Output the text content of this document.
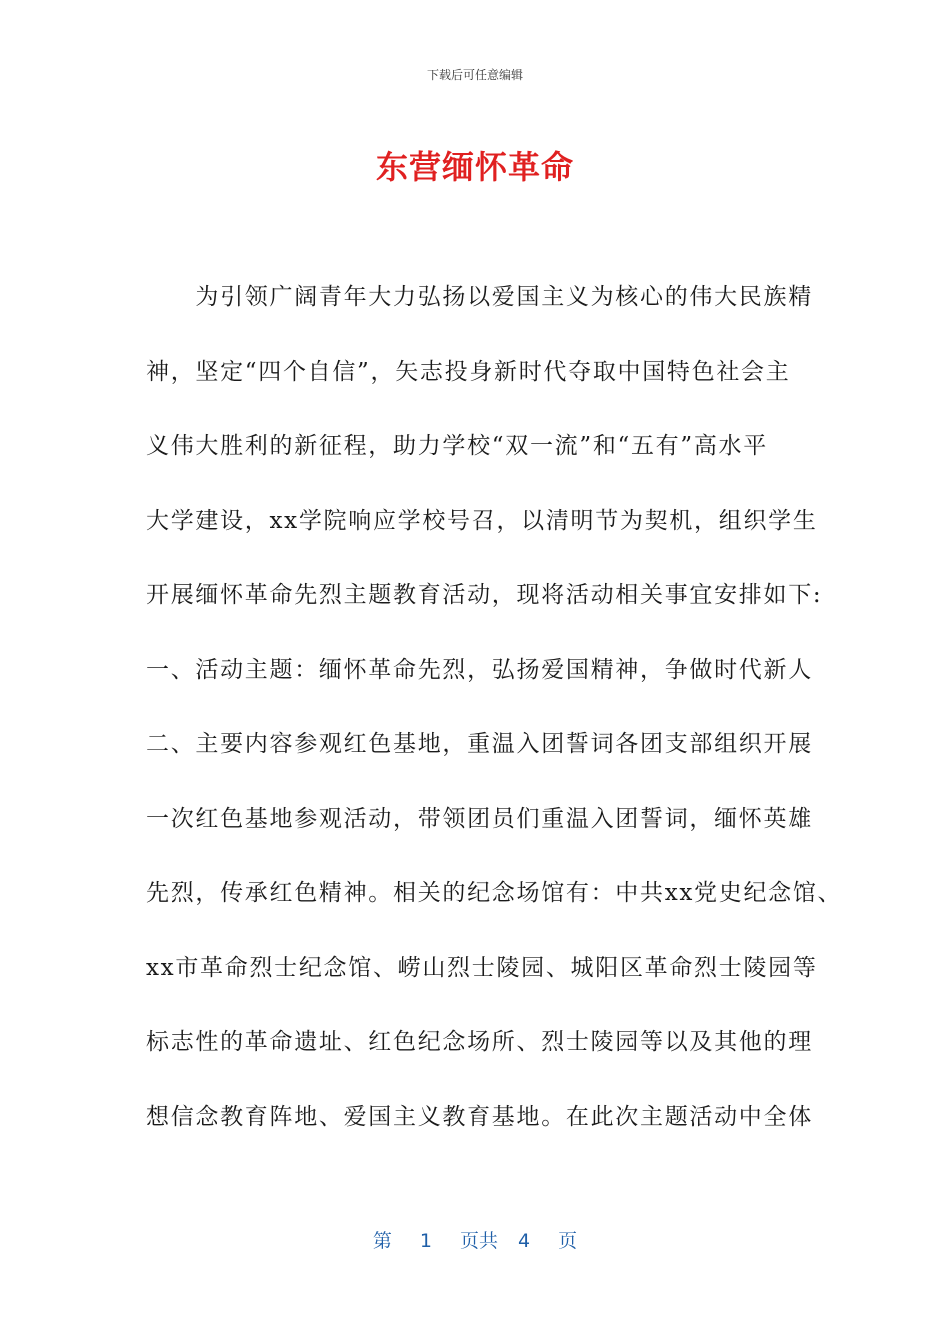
下载后可任意编辑
东营缅怀革命
　　为引领广阔青年大力弘扬以爱国主义为核心的伟大民族精
神，坚定“四个自信”，矢志投身新时代夺取中国特色社会主
义伟大胜利的新征程，助力学校“双一流”和“五有”高水平
大学建设，xx学院响应学校号召，以清明节为契机，组织学生
开展缅怀革命先烈主题教育活动，现将活动相关事宜安排如下:
一、活动主题：缅怀革命先烈，弘扬爱国精神，争做时代新人
二、主要内容参观红色基地，重温入团誓词各团支部组织开展
一次红色基地参观活动，带领团员们重温入团誓词，缅怀英雄
先烈，传承红色精神。相关的纪念场馆有：中共xx党史纪念馆、
xx市革命烈士纪念馆、崂山烈士陵园、城阳区革命烈士陵园等
标志性的革命遗址、红色纪念场所、烈士陵园等以及其他的理
想信念教育阵地、爱国主义教育基地。在此次主题活动中全体
第 1 页共 4 页
